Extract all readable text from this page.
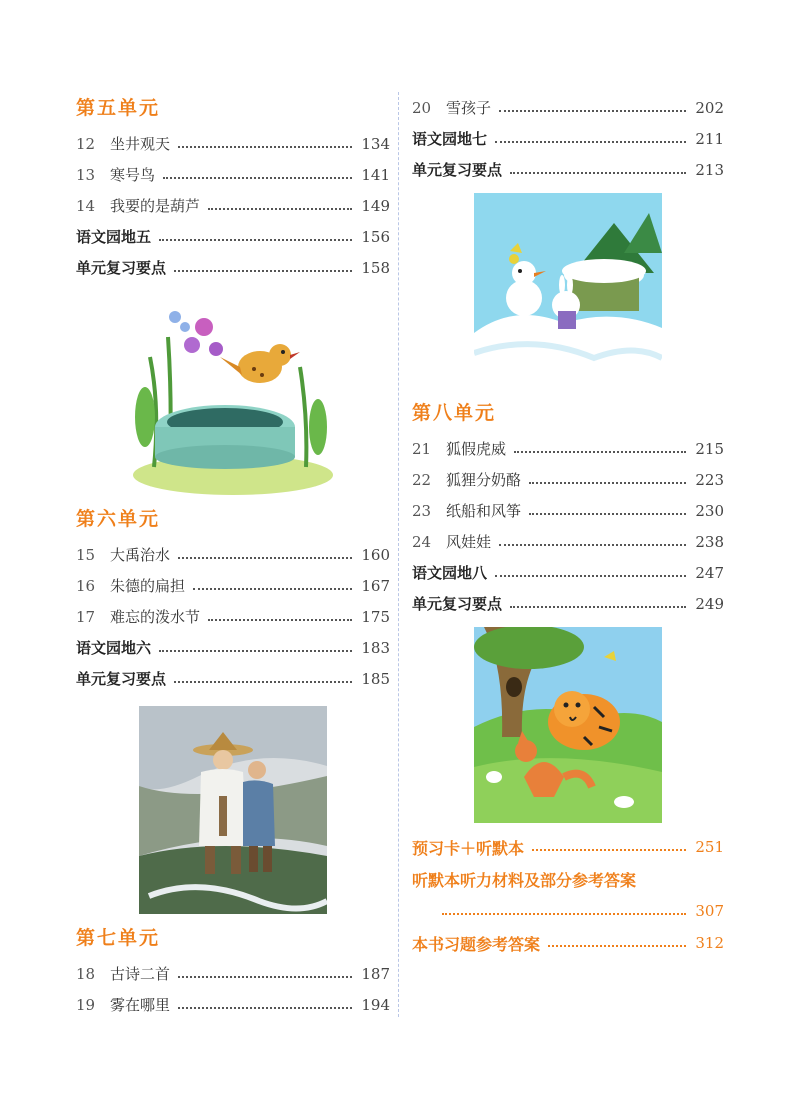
第五单元
12 坐井观天	134
13 寒号鸟	141
14 我要的是葫芦	149
语文园地五	156
单元复习要点	158
第六单元
15 大禹治水	160
16 朱德的扁担	167
17 难忘的泼水节	175
语文园地六	183
单元复习要点	185
第七单元
18 古诗二首	187
19 雾在哪里	194
20 雪孩子	202
语文园地七	211
单元复习要点	213
第八单元
21 狐假虎威	215
22 狐狸分奶酪	223
23 纸船和风筝	230
24 风娃娃	238
语文园地八	247
单元复习要点	249
预习卡＋听默本	251
听默本听力材料及部分参考答案
307
本书习题参考答案	312
